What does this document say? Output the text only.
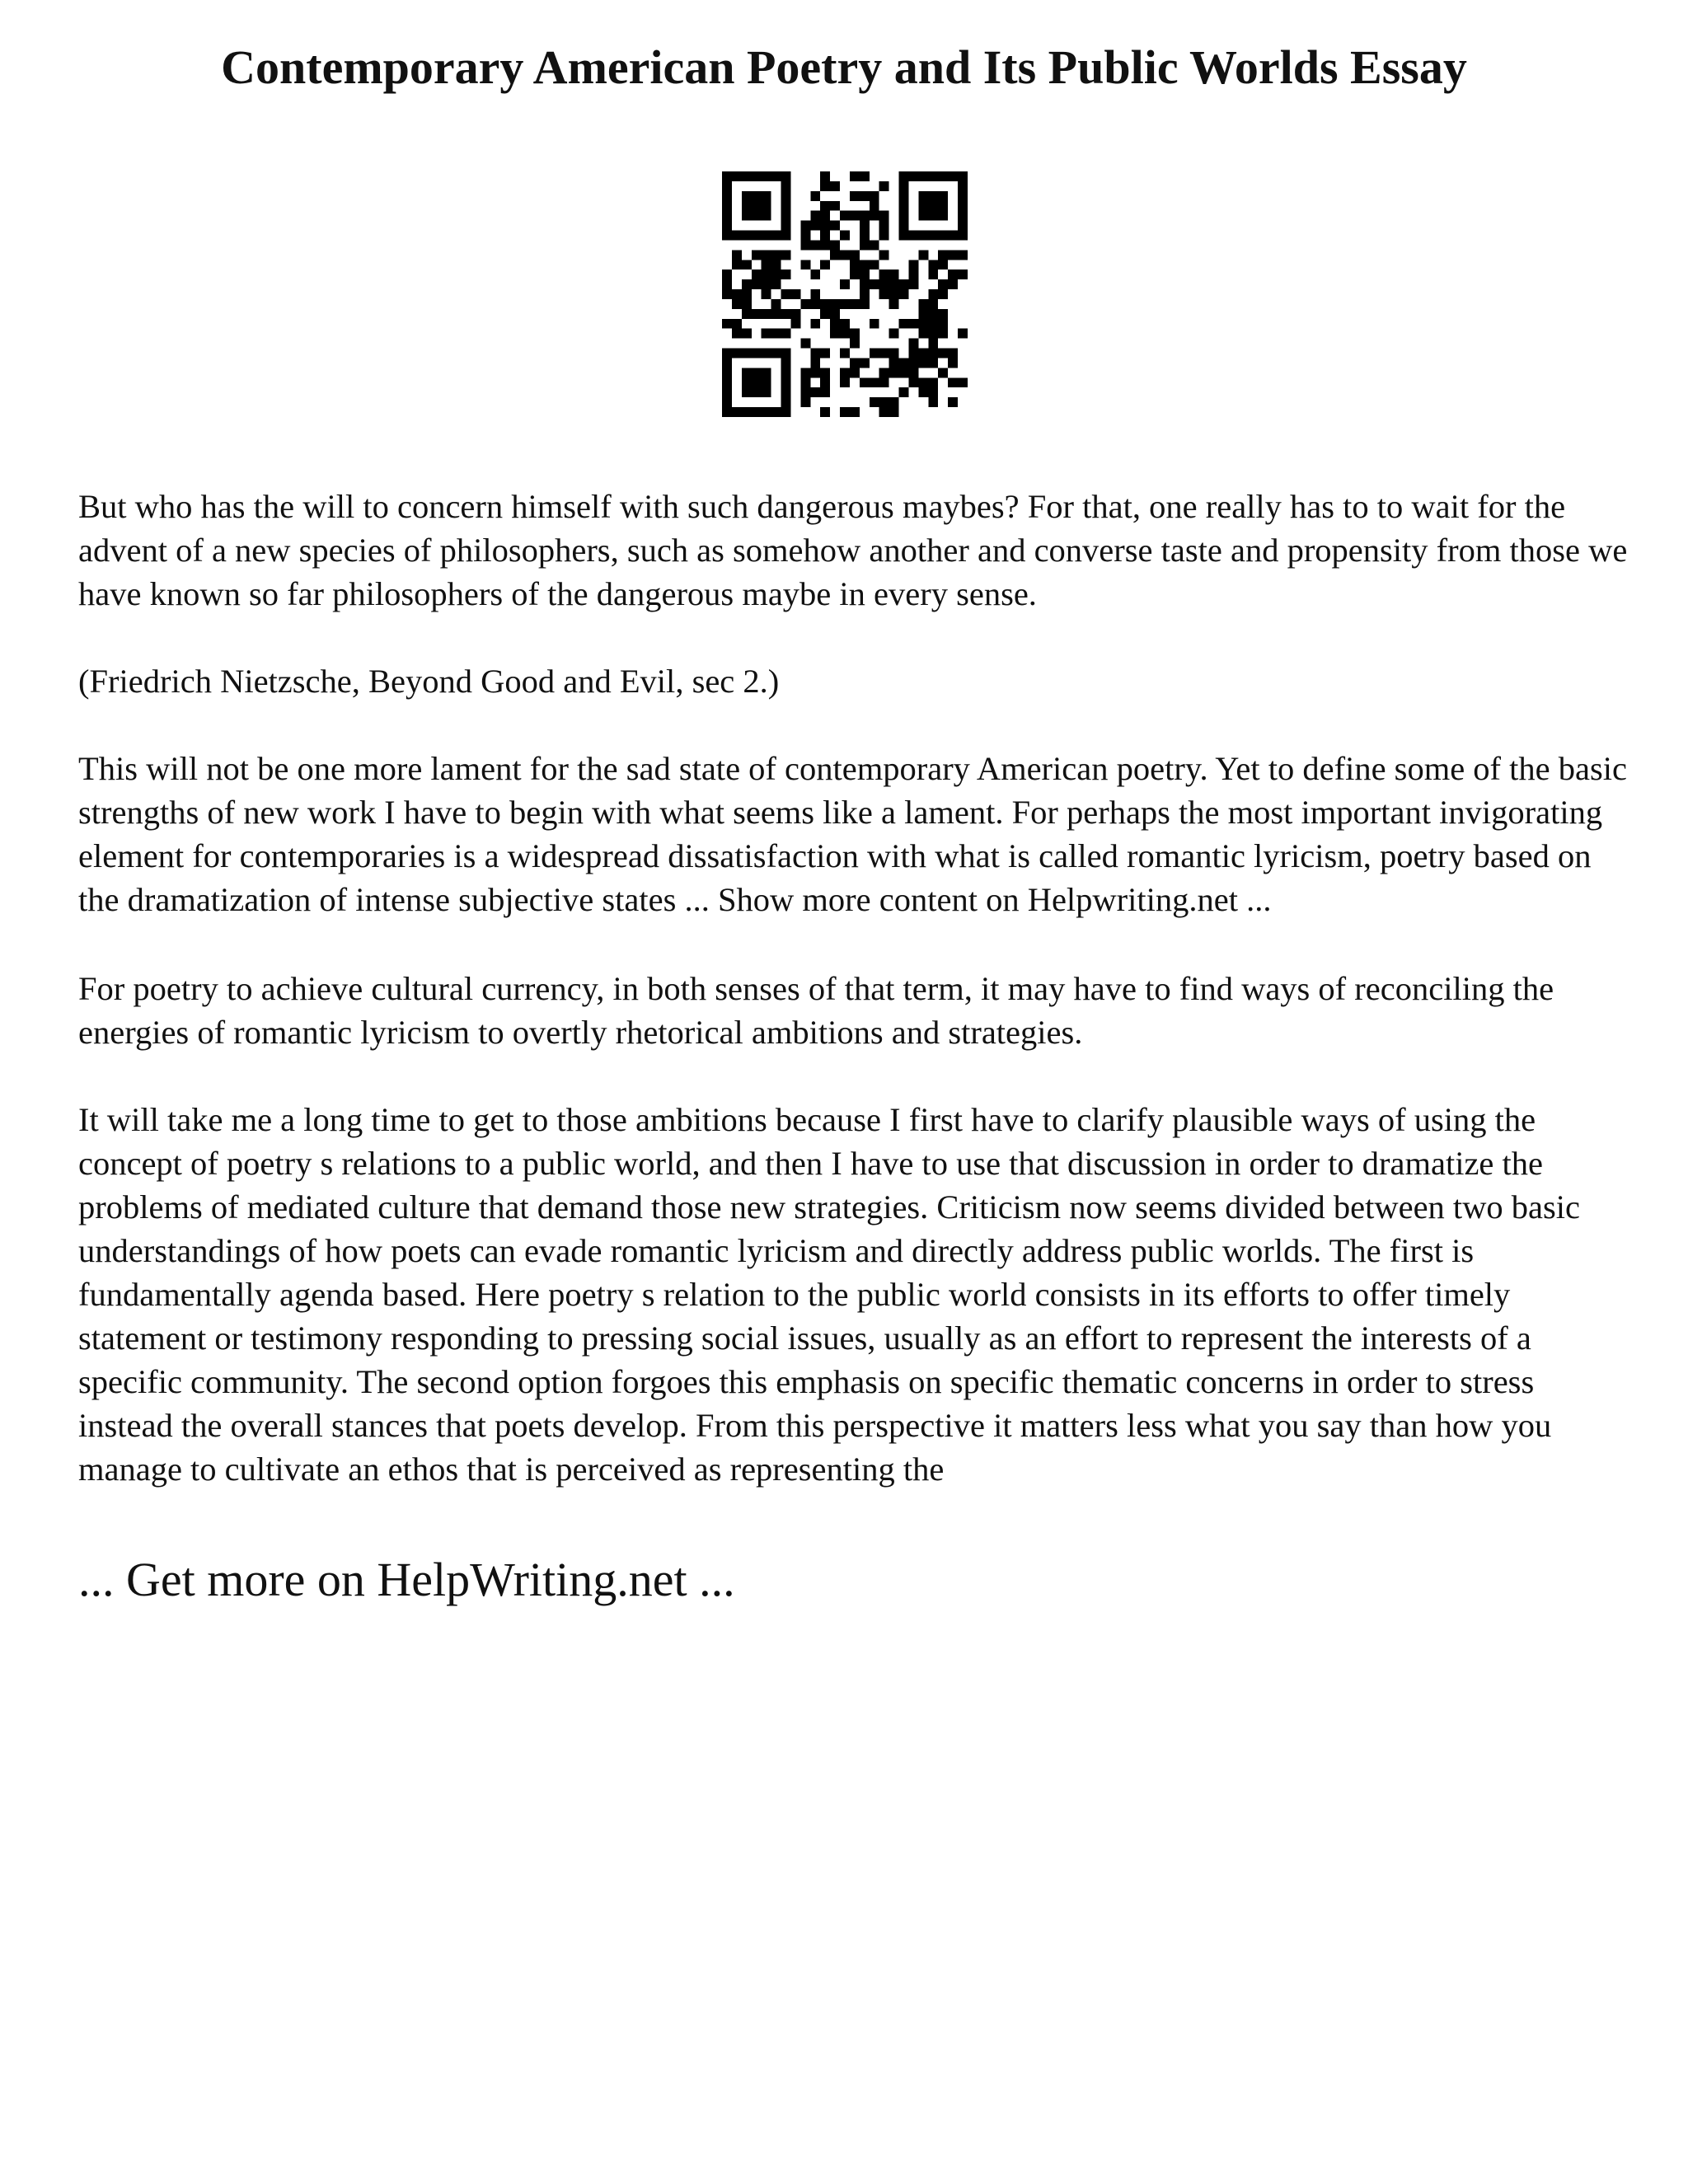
Contemporary American Poetry and Its Public Worlds Essay

But who has the will to concern himself with such dangerous maybes? For that, one really has to to wait for the advent of a new species of philosophers, such as somehow another and converse taste and propensity from those we have known so far philosophers of the dangerous maybe in every sense.

(Friedrich Nietzsche, Beyond Good and Evil, sec 2.)

This will not be one more lament for the sad state of contemporary American poetry. Yet to define some of the basic strengths of new work I have to begin with what seems like a lament. For perhaps the most important invigorating element for contemporaries is a widespread dissatisfaction with what is called romantic lyricism, poetry based on the dramatization of intense subjective states ... Show more content on Helpwriting.net ...

For poetry to achieve cultural currency, in both senses of that term, it may have to find ways of reconciling the energies of romantic lyricism to overtly rhetorical ambitions and strategies.

It will take me a long time to get to those ambitions because I first have to clarify plausible ways of using the concept of poetry s relations to a public world, and then I have to use that discussion in order to dramatize the problems of mediated culture that demand those new strategies. Criticism now seems divided between two basic understandings of how poets can evade romantic lyricism and directly address public worlds. The first is fundamentally agenda based. Here poetry s relation to the public world consists in its efforts to offer timely statement or testimony responding to pressing social issues, usually as an effort to represent the interests of a specific community. The second option forgoes this emphasis on specific thematic concerns in order to stress instead the overall stances that poets develop. From this perspective it matters less what you say than how you manage to cultivate an ethos that is perceived as representing the

... Get more on HelpWriting.net ...
